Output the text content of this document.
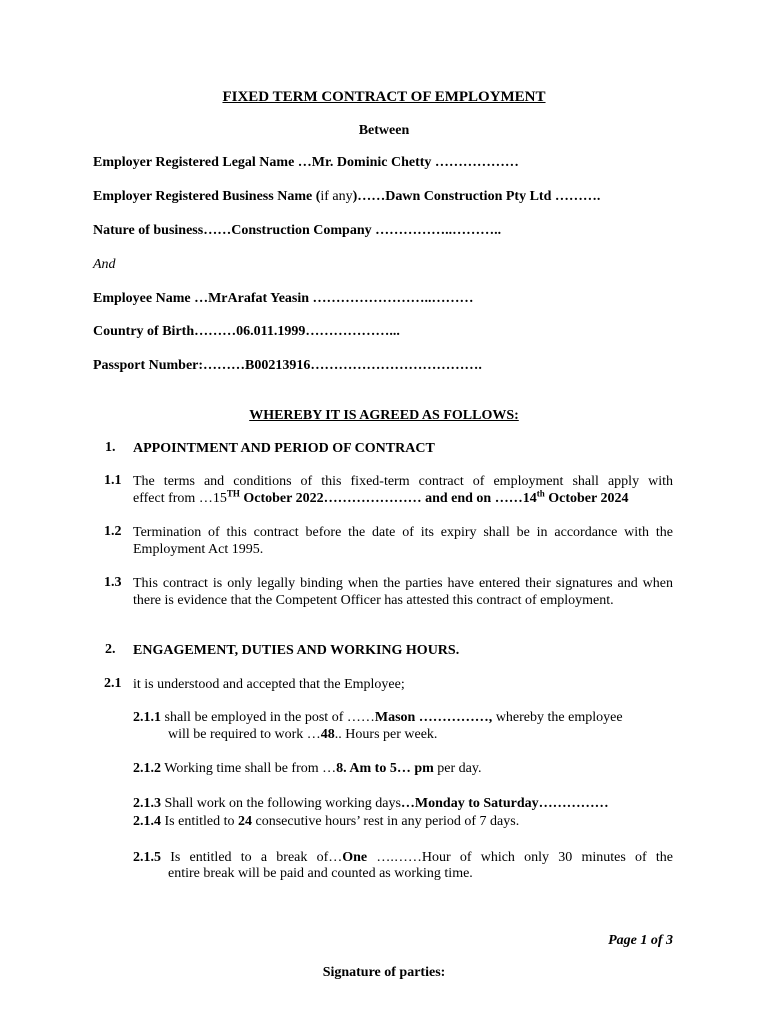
FIXED TERM CONTRACT OF EMPLOYMENT
Between
Employer Registered Legal Name …Mr. Dominic Chetty ………………
Employer Registered Business Name (if any)……Dawn Construction Pty Ltd ……….
Nature of business……Construction Company ……………..………..
And
Employee Name …MrArafat Yeasin ……………………..………
Country of Birth………06.011.1999………………...
Passport Number:………B00213916……………………………….
WHEREBY IT IS AGREED AS FOLLOWS:
1. APPOINTMENT AND PERIOD OF CONTRACT
1.1 The terms and conditions of this fixed-term contract of employment shall apply with
effect from …15TH October 2022………………… and end on ……14th October 2024
1.2 Termination of this contract before the date of its expiry shall be in accordance with the Employment Act 1995.
1.3 This contract is only legally binding when the parties have entered their signatures and when there is evidence that the Competent Officer has attested this contract of employment.
2. ENGAGEMENT, DUTIES AND WORKING HOURS.
2.1 it is understood and accepted that the Employee;
2.1.1 shall be employed in the post of ……Mason ……………, whereby the employee
will be required to work …48.. Hours per week.
2.1.2 Working time shall be from …8. Am to 5… pm per day.
2.1.3 Shall work on the following working days…Monday to Saturday……………
2.1.4 Is entitled to 24 consecutive hours’ rest in any period of 7 days.
2.1.5 Is entitled to a break of…One ….……Hour of which only 30 minutes of the
entire break will be paid and counted as working time.
Page 1 of 3
Signature of parties:
